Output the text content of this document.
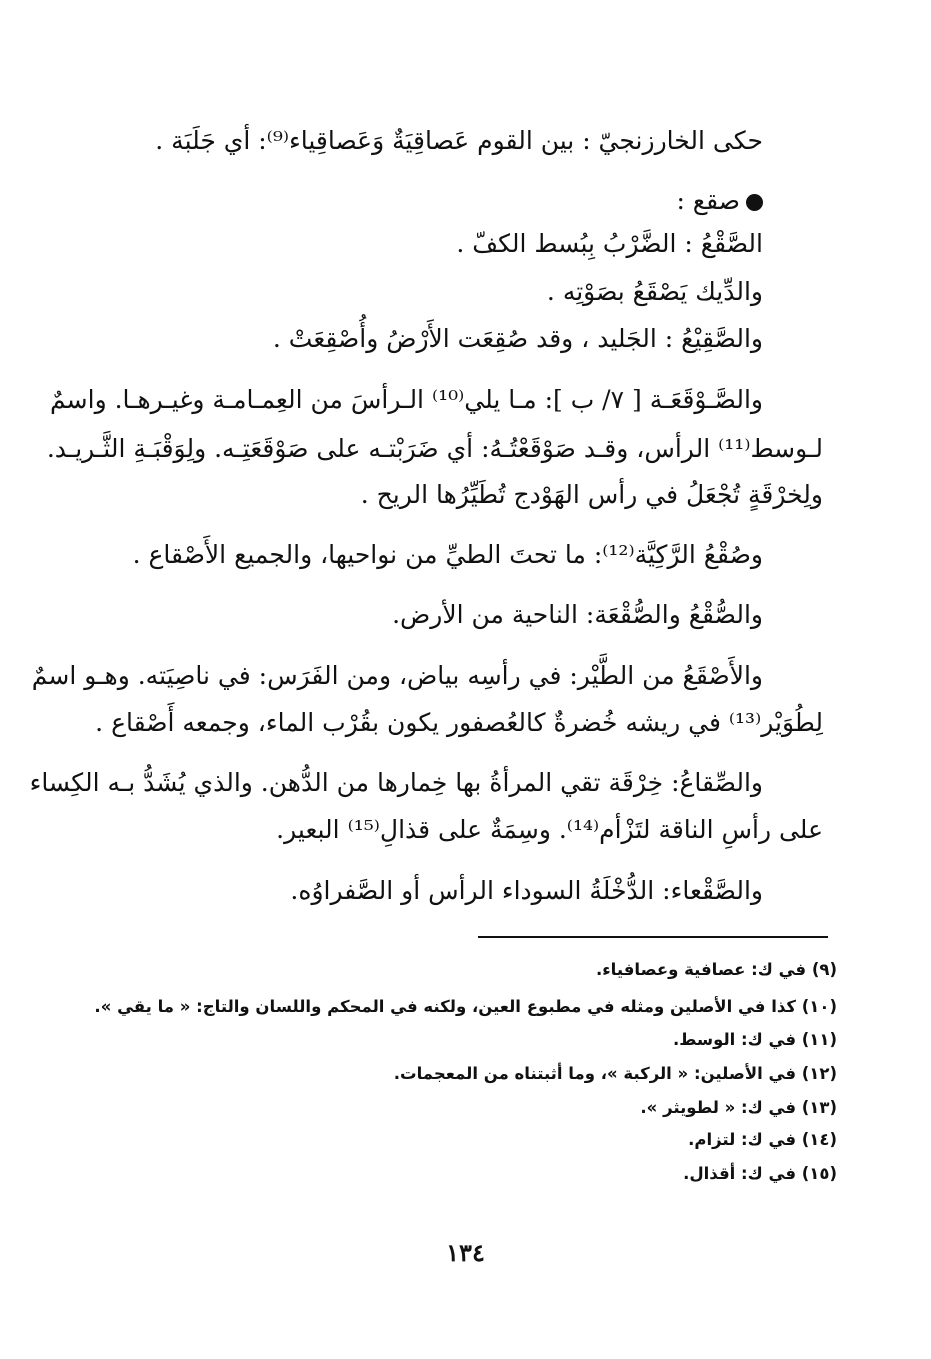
حكى الخارزنجيّ : بين القوم عَصاقِيَةٌ وَعَصاقِياء⁽⁹⁾: أي جَلَبَة .
صقع :
الصَّقْعُ : الضَّرْبُ بِبُسط الكفّ .
والدِّيك يَصْقَعُ بصَوْتِه .
والصَّقِيْعُ : الجَليد ، وقد صُقِعَت الأَرْضُ وأُصْقِعَتْ .
والصَّـوْقَعَـة [ ٧/ ب ]: مـا يلي⁽¹⁰⁾ الـرأسَ من العِمـامـة وغيـرهـا. واسمٌ
لـوسط⁽¹¹⁾ الرأس، وقـد صَوْقَعْتُـهُ: أي ضَرَبْتـه على صَوْقَعَتِـه. ولِوَقْبَـةِ الثَّـريـد.
ولِخرْقَةٍ تُجْعَلُ في رأس الهَوْدج تُطَيِّرُها الريح .
وصُقْعُ الرَّكِيَّة⁽¹²⁾: ما تحتَ الطيِّ من نواحيها، والجميع الأَصْقاع .
والصُّقْعُ والصُّقْعَة: الناحية من الأرض.
والأَصْقَعُ من الطَّيْر: في رأسِه بياض، ومن الفَرَس: في ناصِيَته. وهـو اسمٌ
لِطُوَيْر⁽¹³⁾ في ريشه خُضرةٌ كالعُصفور يكون بقُرْب الماء، وجمعه أَصْقاع .
والصِّقاعُ: خِرْقَة تقي المرأةُ بها خِمارها من الدُّهن. والذي يُشَدُّ بـه الكِساء
على رأسِ الناقة لتَزْأم⁽¹⁴⁾. وسِمَةٌ على قذالِ⁽¹⁵⁾ البعير.
والصَّقْعاء: الدُّخْلَةُ السوداء الرأس أو الصَّفراوُه.
(٩) في ك: عصافية وعصافياء.
(١٠) كذا في الأصلين ومثله في مطبوع العين، ولكنه في المحكم واللسان والتاج: « ما يقي ».
(١١) في ك: الوسط.
(١٢) في الأصلين: « الركبة »، وما أثبتناه من المعجمات.
(١٣) في ك: « لطويثر ».
(١٤) في ك: لتزام.
(١٥) في ك: أقذال.
١٣٤
